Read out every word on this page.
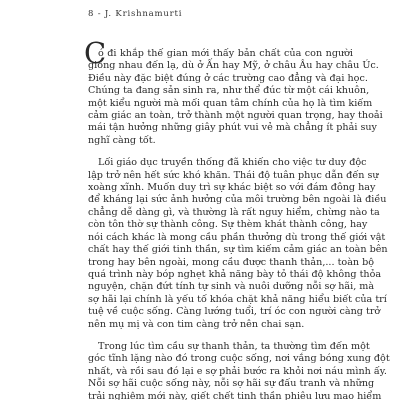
8 - J. Krishnamurti
C
ó đi khắp thế gian mới thấy bản chất của con người
giống nhau đến lạ, dù ở Ấn hay Mỹ, ở châu Âu hay châu Úc.
Điều này đặc biệt đúng ở các trường cao đẳng và đại học.
Chúng ta đang sản sinh ra, như thể đúc từ một cái khuôn,
một kiểu người mà mối quan tâm chính của họ là tìm kiếm
cảm giác an toàn, trở thành một người quan trọng, hay thoải
mái tận hưởng những giây phút vui vẻ mà chẳng ít phải suy
nghĩ càng tốt.
Lối giáo dục truyền thống đã khiến cho việc tư duy độc
lập trở nên hết sức khó khăn. Thái độ tuân phục dẫn đến sự
xoàng xĩnh. Muốn duy trì sự khác biệt so với đám đông hay
để kháng lại sức ảnh hưởng của môi trường bên ngoài là điều
chẳng dễ dàng gì, và thường là rất nguy hiểm, chừng nào ta
còn tôn thờ sự thành công. Sự thèm khát thành công, hay
nói cách khác là mong cầu phần thưởng dù trong thế giới vật
chất hay thế giới tinh thần, sự tìm kiếm cảm giác an toàn bên
trong hay bên ngoài, mong cầu được thanh thản,... toàn bộ
quá trình này bóp nghẹt khả năng bày tỏ thái độ không thỏa
nguyện, chặn đứt tính tự sinh và nuôi dưỡng nỗi sợ hãi, mà
sợ hãi lại chính là yếu tố khóa chặt khả năng hiểu biết của trí
tuệ về cuộc sống. Càng lướng tuổi, trí óc con người càng trở
nên mụ mị và con tim càng trở nên chai sạn.
Trong lúc tìm cầu sự thanh thản, ta thường tìm đến một
góc tĩnh lặng nào đó trong cuộc sống, nơi vắng bóng xung đột
nhất, và rồi sau đó lại e sợ phải bước ra khỏi nơi náu mình ấy.
Nỗi sợ hãi cuộc sống này, nỗi sợ hãi sự đấu tranh và những
trải nghiệm mới này, giết chết tinh thần phiêu lưu mạo hiểm
